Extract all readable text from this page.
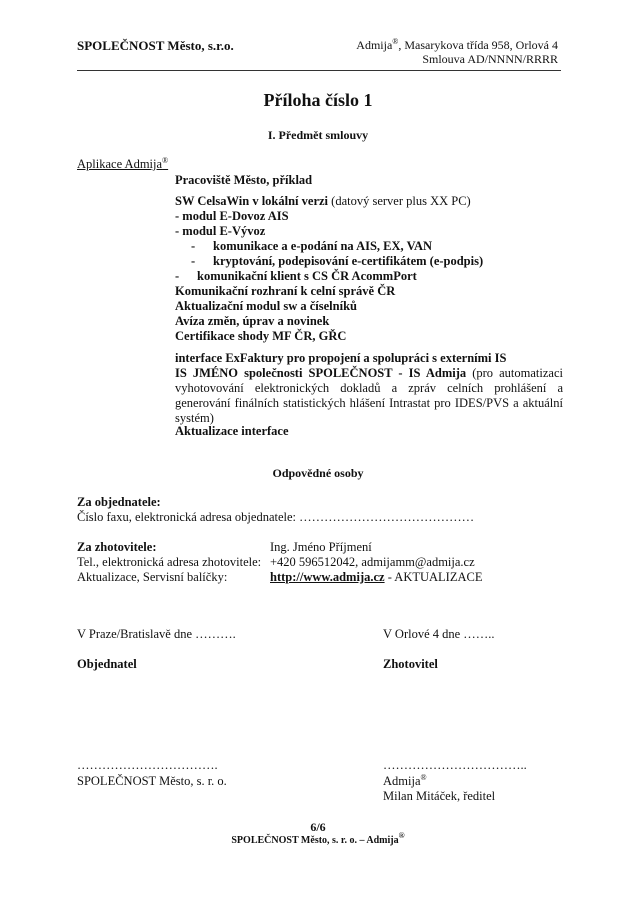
SPOLEČNOST Město, s.r.o.	Admija®, Masarykova třída 958, Orlová 4
Smlouva AD/NNNN/RRRR
Příloha číslo 1
I. Předmět smlouvy
Aplikace Admija®
Pracoviště Město, příklad
SW CelsaWin v lokální verzi (datový server plus XX PC)
- modul E-Dovoz AIS
- modul E-Vývoz
- komunikace a e-podání na AIS, EX, VAN
- kryptování, podepisování e-certifikátem (e-podpis)
- komunikační klient s CS ČR AcommPort
Komunikační rozhraní k celní správě ČR
Aktualizační modul sw a číselníků
Avíza změn, úprav a novinek
Certifikace shody MF ČR, GŘC
interface ExFaktury pro propojení a spolupráci s externími IS
IS JMÉNO společnosti SPOLEČNOST - IS Admija (pro automatizaci vyhotovování elektronických dokladů a zpráv celních prohlášení a generování finálních statistických hlášení Intrastat pro IDES/PVS a aktuální systém)
Aktualizace interface
Odpovědné osoby
Za objednatele:
Číslo faxu, elektronická adresa objednatele: ……………………………………
Za zhotovitele:	Ing. Jméno Příjmení
Tel., elektronická adresa zhotovitele: +420 596512042, admijamm@admija.cz
Aktualizace, Servisní balíčky:	http://www.admija.cz - AKTUALIZACE
V Praze/Bratislavě dne ……….	V Orlové 4 dne ……..
Objednatel	Zhotovitel
…………………………….	……………………………..
SPOLEČNOST Město, s. r. o.	Admija®
Milan Mitáček, ředitel
6/6
SPOLEČNOST Město, s. r. o. – Admija®
